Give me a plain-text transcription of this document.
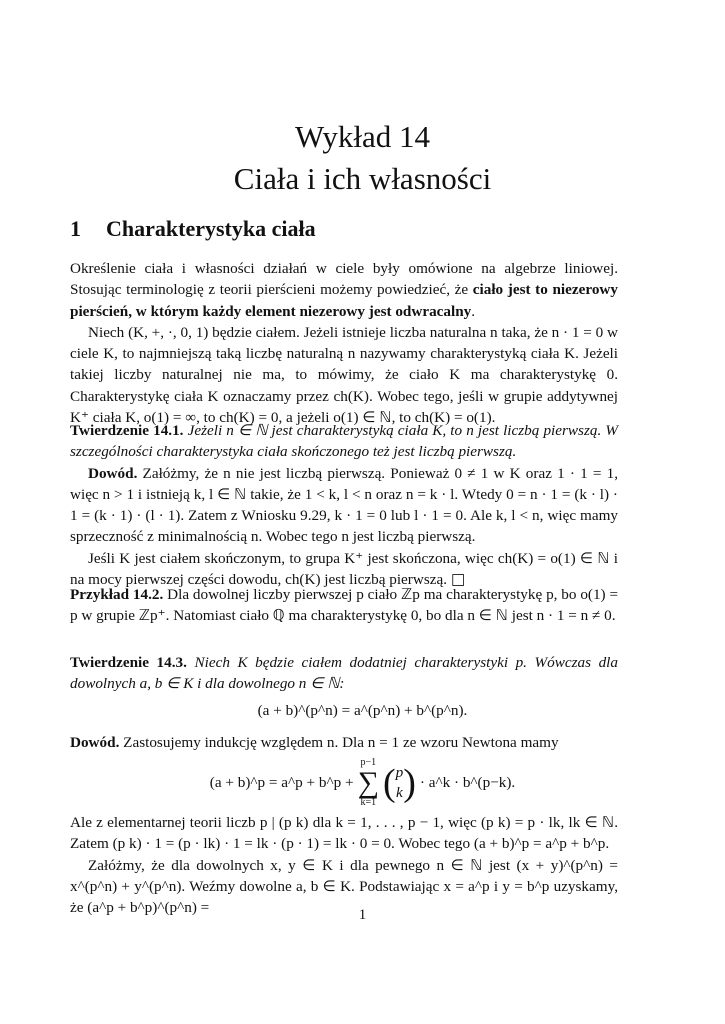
Wykład 14
Ciała i ich własności
1 Charakterystyka ciała

Określenie ciała i własności działań w ciele były omówione na algebrze liniowej. Stosując terminologię z teorii pierścieni możemy powiedzieć, że ciało jest to niezerowy pierścień, w którym każdy element niezerowy jest odwracalny.

Niech (K, +, ·, 0, 1) będzie ciałem. Jeżeli istnieje liczba naturalna n taka, że n · 1 = 0 w ciele K, to najmniejszą taką liczbę naturalną n nazywamy charakterystyką ciała K. Jeżeli takiej liczby naturalnej nie ma, to mówimy, że ciało K ma charakterystykę 0. Charakterystykę ciała K oznaczamy przez ch(K). Wobec tego, jeśli w grupie addytywnej K⁺ ciała K, o(1) = ∞, to ch(K) = 0, a jeżeli o(1) ∈ ℕ, to ch(K) = o(1).

Twierdzenie 14.1. Jeżeli n ∈ ℕ jest charakterystyką ciała K, to n jest liczbą pierwszą. W szczególności charakterystyka ciała skończonego też jest liczbą pierwszą.

Dowód. Załóżmy, że n nie jest liczbą pierwszą. Ponieważ 0 ≠ 1 w K oraz 1 · 1 = 1, więc n > 1 i istnieją k, l ∈ ℕ takie, że 1 < k, l < n oraz n = k · l. Wtedy 0 = n · 1 = (k · l) · 1 = (k · 1) · (l · 1). Zatem z Wniosku 9.29, k · 1 = 0 lub l · 1 = 0. Ale k, l < n, więc mamy sprzeczność z minimalnością n. Wobec tego n jest liczbą pierwszą.

Jeśli K jest ciałem skończonym, to grupa K⁺ jest skończona, więc ch(K) = o(1) ∈ ℕ i na mocy pierwszej części dowodu, ch(K) jest liczbą pierwszą. □

Przykład 14.2. Dla dowolnej liczby pierwszej p ciało ℤp ma charakterystykę p, bo o(1) = p w grupie ℤp⁺. Natomiast ciało ℚ ma charakterystykę 0, bo dla n ∈ ℕ jest n · 1 = n ≠ 0.

Twierdzenie 14.3. Niech K będzie ciałem dodatniej charakterystyki p. Wówczas dla dowolnych a, b ∈ K i dla dowolnego n ∈ ℕ:

(a + b)^(p^n) = a^(p^n) + b^(p^n).

Dowód. Zastosujemy indukcję względem n. Dla n = 1 ze wzoru Newtona mamy

(a + b)^p = a^p + b^p +
p−1
∑
k=1 ( p
k ) · a^k · b^(p−k).

Ale z elementarnej teorii liczb p | (p k) dla k = 1, . . . , p − 1, więc (p k) = p · lk, lk ∈ ℕ. Zatem (p k) · 1 = (p · lk) · 1 = lk · (p · 1) = lk · 0 = 0. Wobec tego (a + b)^p = a^p + b^p.

Załóżmy, że dla dowolnych x, y ∈ K i dla pewnego n ∈ ℕ jest (x + y)^(p^n) = x^(p^n) + y^(p^n). Weźmy dowolne a, b ∈ K. Podstawiając x = a^p i y = b^p uzyskamy, że (a^p + b^p)^(p^n) =	1
